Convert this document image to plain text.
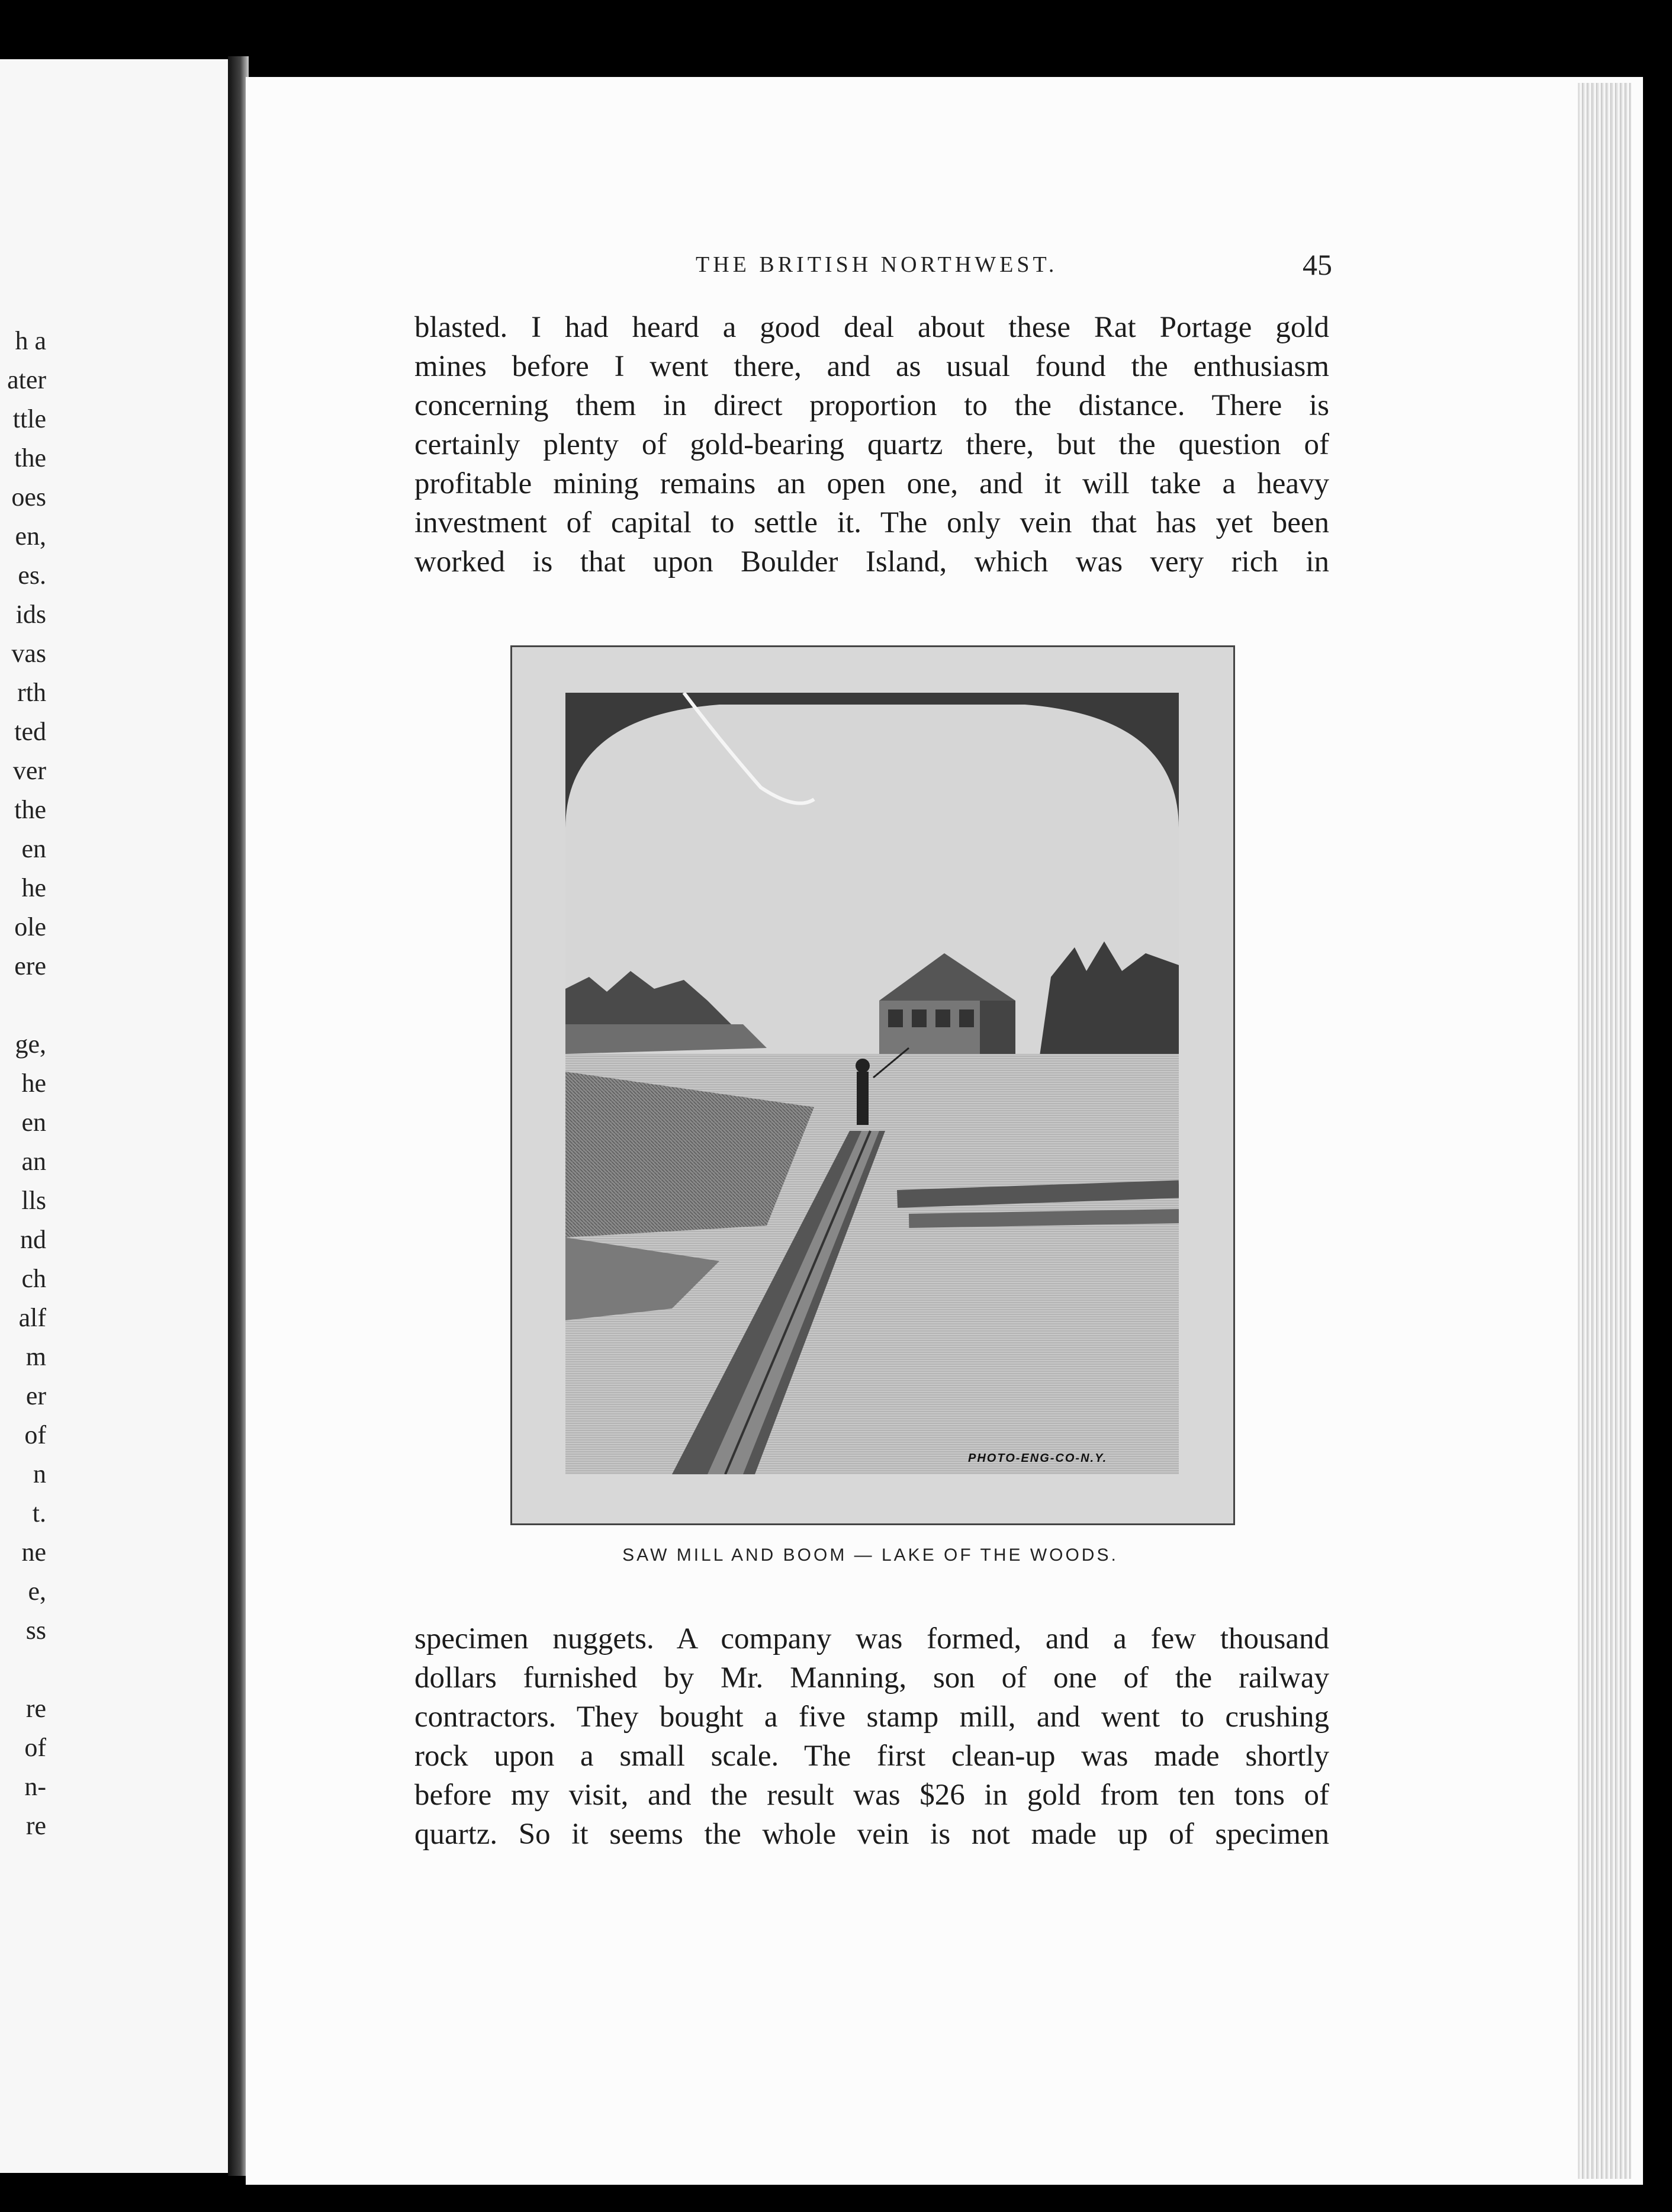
h a
ater
ttle
the
oes
en,
es.
ids
vas
rth
ted
ver
the
en
he
ole
ere
ge,
he
en
an
lls
nd
ch
alf
m
er
of
n
t.
ne
e,
ss
re
of
n-
re
THE BRITISH NORTHWEST.	45
blasted. I had heard a good deal about these Rat Portage gold
mines before I went there, and as usual found the enthusiasm
concerning them in direct proportion to the distance. There is
certainly plenty of gold-bearing quartz there, but the question of
profitable mining remains an open one, and it will take a heavy
investment of capital to settle it. The only vein that has yet been
worked is that upon Boulder Island, which was very rich in
PHOTO-ENG-CO-N.Y.
SAW MILL AND BOOM — LAKE OF THE WOODS.
specimen nuggets. A company was formed, and a few thousand
dollars furnished by Mr. Manning, son of one of the railway
contractors. They bought a five stamp mill, and went to crushing
rock upon a small scale. The first clean-up was made shortly
before my visit, and the result was $26 in gold from ten tons of
quartz. So it seems the whole vein is not made up of specimen
